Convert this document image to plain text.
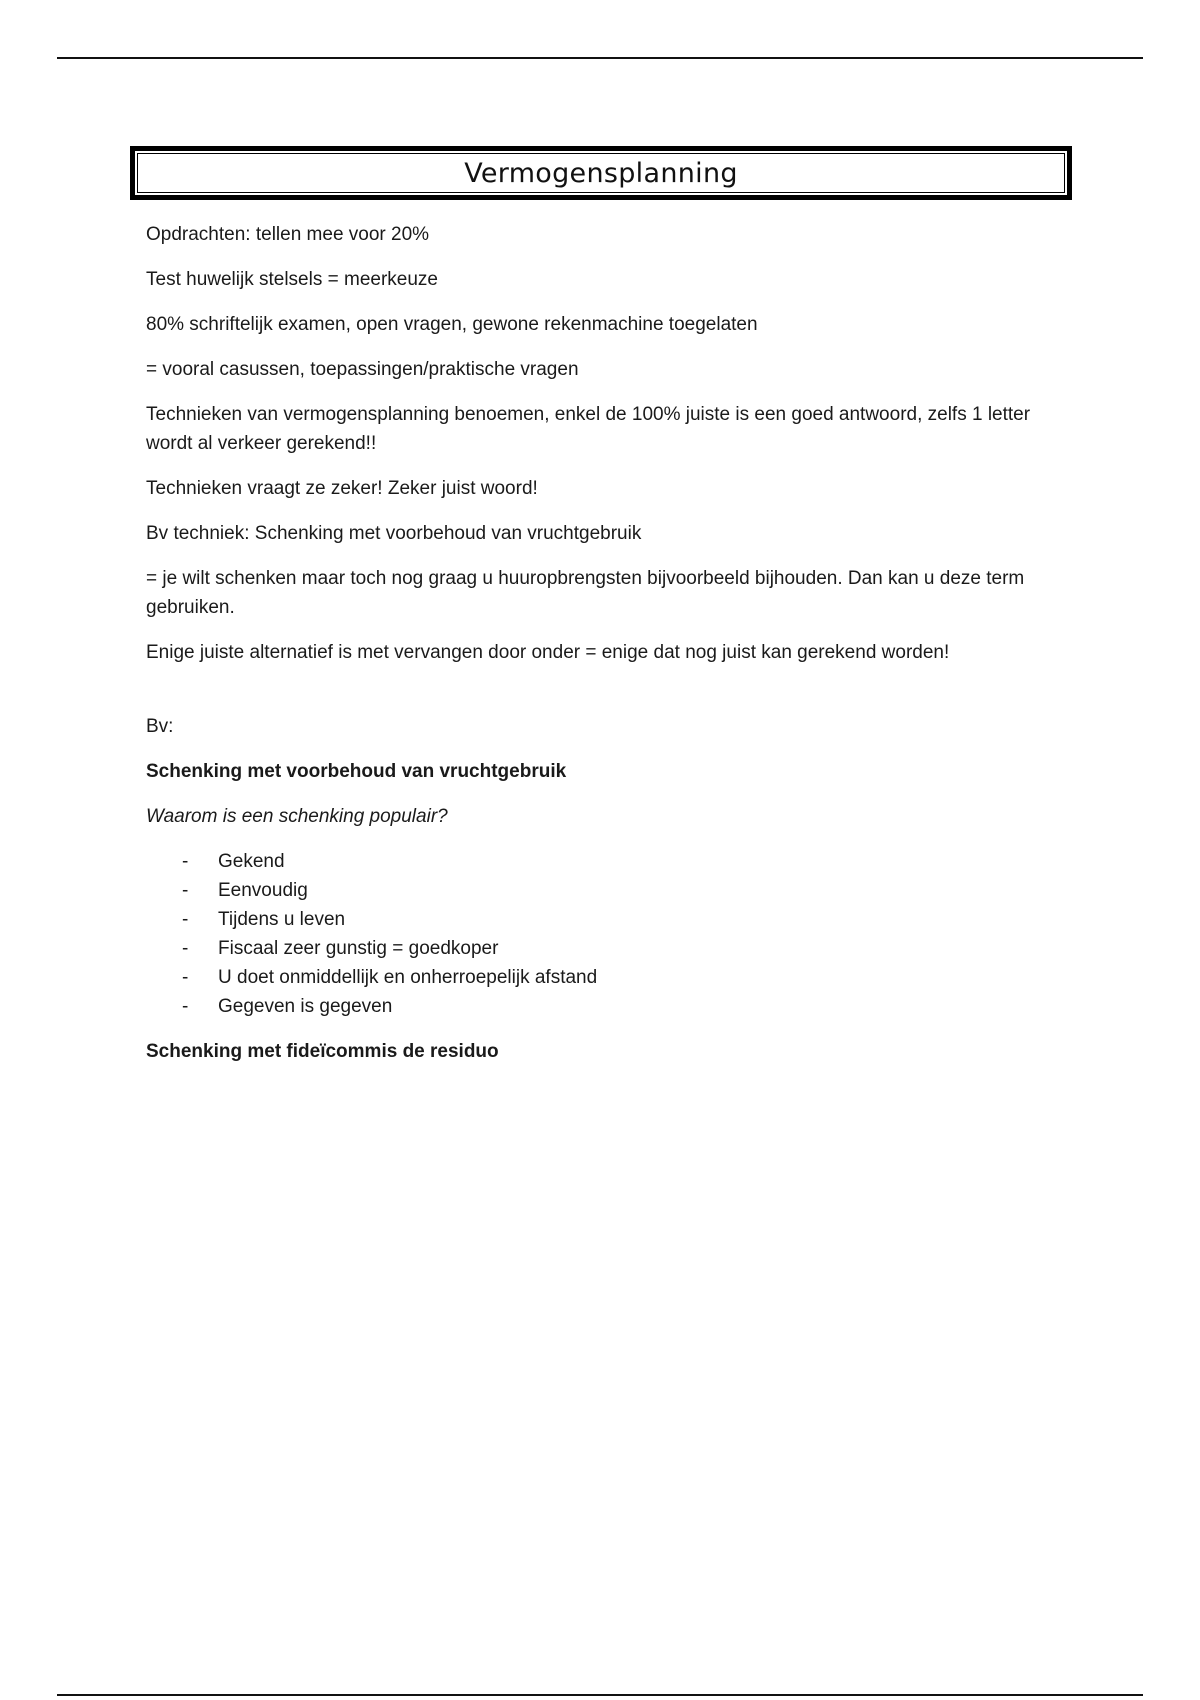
Vermogensplanning

Opdrachten: tellen mee voor 20%

Test huwelijk stelsels = meerkeuze

80% schriftelijk examen, open vragen, gewone rekenmachine toegelaten

= vooral casussen, toepassingen/praktische vragen

Technieken van vermogensplanning benoemen, enkel de 100% juiste is een goed antwoord, zelfs 1 letter wordt al verkeer gerekend!!

Technieken vraagt ze zeker! Zeker juist woord!

Bv techniek: Schenking met voorbehoud van vruchtgebruik

= je wilt schenken maar toch nog graag u huuropbrengsten bijvoorbeeld bijhouden. Dan kan u deze term gebruiken.

Enige juiste alternatief is met vervangen door onder = enige dat nog juist kan gerekend worden!

Bv:

Schenking met voorbehoud van vruchtgebruik

Waarom is een schenking populair?

- Gekend
- Eenvoudig
- Tijdens u leven
- Fiscaal zeer gunstig = goedkoper
- U doet onmiddellijk en onherroepelijk afstand
- Gegeven is gegeven

Schenking met fideïcommis de residuo
